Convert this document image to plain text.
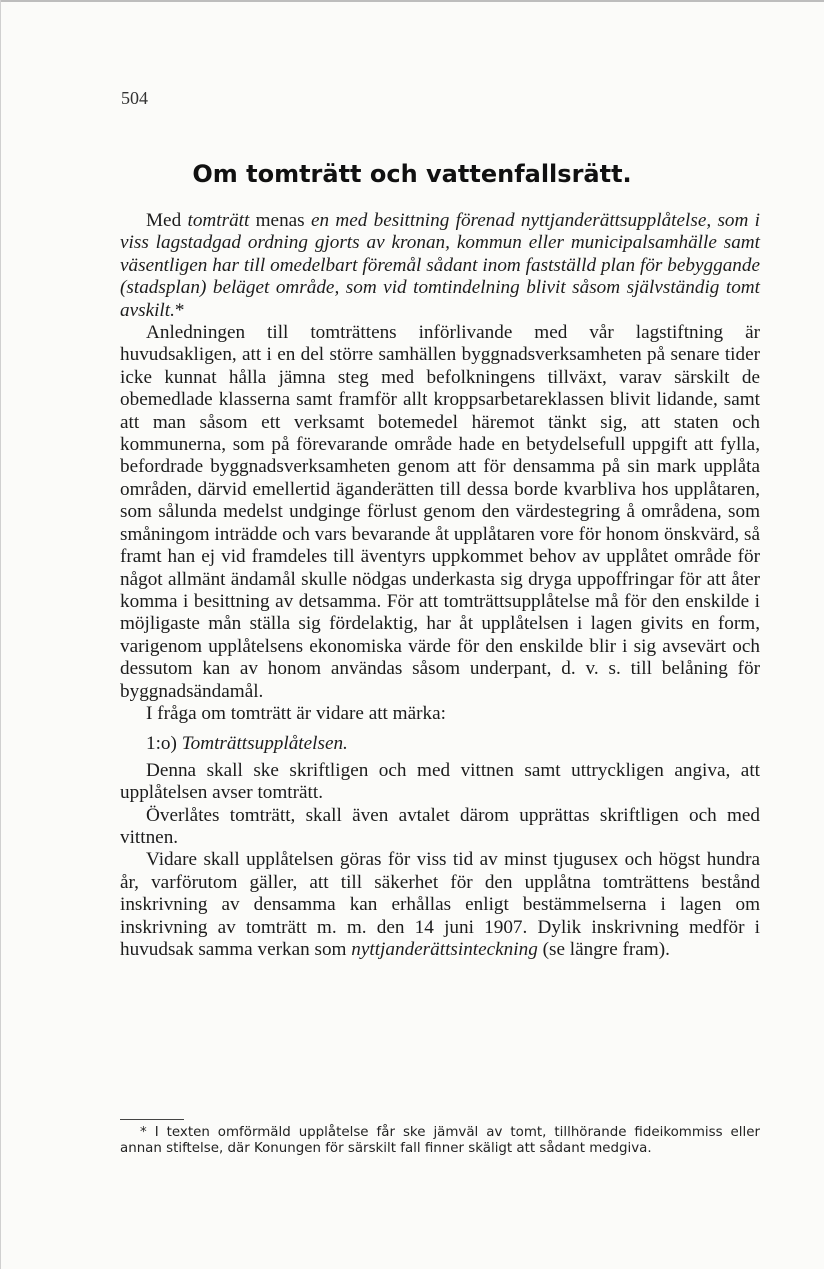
504
Om tomträtt och vattenfallsrätt.

Med tomträtt menas en med besittning förenad nyttjanderättsupplåtelse, som i viss lagstadgad ordning gjorts av kronan, kommun eller municipalsamhälle samt väsentligen har till omedelbart föremål sådant inom fastställd plan för bebyggande (stadsplan) beläget område, som vid tomtindelning blivit såsom självständig tomt avskilt.*

Anledningen till tomträttens införlivande med vår lagstiftning är huvudsakligen, att i en del större samhällen byggnadsverksamheten på senare tider icke kunnat hålla jämna steg med befolkningens tillväxt, varav särskilt de obemedlade klasserna samt framför allt kroppsarbetareklassen blivit lidande, samt att man såsom ett verksamt botemedel häremot tänkt sig, att staten och kommunerna, som på förevarande område hade en betydelsefull uppgift att fylla, befordrade byggnadsverksamheten genom att för densamma på sin mark upplåta områden, därvid emellertid äganderätten till dessa borde kvarbliva hos upplåtaren, som sålunda medelst undginge förlust genom den värdestegring å områdena, som småningom inträdde och vars bevarande åt upplåtaren vore för honom önskvärd, så framt han ej vid framdeles till äventyrs uppkommet behov av upplåtet område för något allmänt ändamål skulle nödgas underkasta sig dryga uppoffringar för att åter komma i besittning av detsamma. För att tomträttsupplåtelse må för den enskilde i möjligaste mån ställa sig fördelaktig, har åt upplåtelsen i lagen givits en form, varigenom upplåtelsens ekonomiska värde för den enskilde blir i sig avsevärt och dessutom kan av honom användas såsom underpant, d. v. s. till belåning för byggnadsändamål.

I fråga om tomträtt är vidare att märka:

1:o) Tomträttsupplåtelsen.

Denna skall ske skriftligen och med vittnen samt uttryckligen angiva, att upplåtelsen avser tomträtt.

Överlåtes tomträtt, skall även avtalet därom upprättas skriftligen och med vittnen.

Vidare skall upplåtelsen göras för viss tid av minst tjugusex och högst hundra år, varförutom gäller, att till säkerhet för den upplåtna tomträttens bestånd inskrivning av densamma kan erhållas enligt bestämmelserna i lagen om inskrivning av tomträtt m. m. den 14 juni 1907. Dylik inskrivning medför i huvudsak samma verkan som nyttjanderättsinteckning (se längre fram).

* I texten omförmäld upplåtelse får ske jämväl av tomt, tillhörande fideikommiss eller annan stiftelse, där Konungen för särskilt fall finner skäligt att sådant medgiva.
